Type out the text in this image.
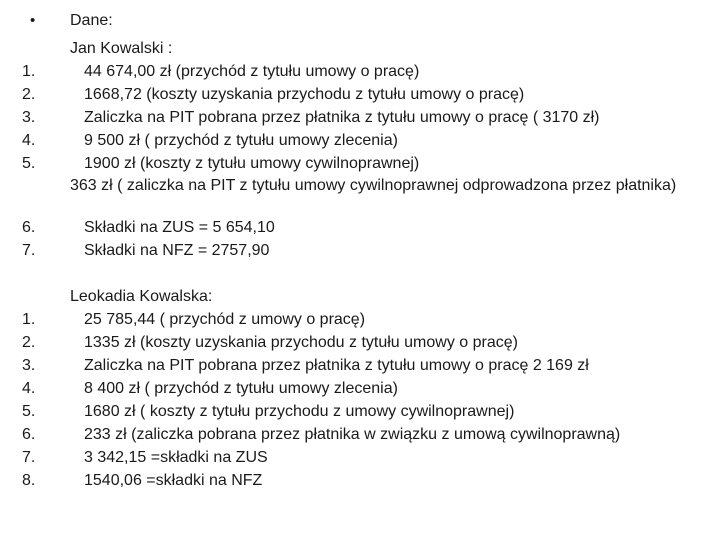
• Dane:
Jan Kowalski :
1.	44 674,00 zł (przychód z tytułu umowy o pracę)
2.	1668,72 (koszty uzyskania przychodu z tytułu umowy o pracę)
3.	Zaliczka na PIT pobrana przez płatnika z tytułu umowy o pracę ( 3170 zł)
4.	9 500 zł ( przychód z tytułu umowy zlecenia)
5.	1900 zł (koszty z tytułu umowy cywilnoprawnej)
363 zł ( zaliczka na PIT z tytułu umowy cywilnoprawnej odprowadzona przez płatnika)
6.	Składki na ZUS = 5 654,10
7.	Składki na NFZ = 2757,90
Leokadia Kowalska:
1.	25 785,44 ( przychód z umowy o pracę)
2.	1335 zł (koszty uzyskania przychodu z tytułu umowy o pracę)
3.	Zaliczka na PIT pobrana przez płatnika z tytułu umowy o pracę 2 169 zł
4.	8 400 zł ( przychód z tytułu umowy zlecenia)
5.	1680 zł ( koszty z tytułu przychodu z umowy cywilnoprawnej)
6.	233 zł (zaliczka pobrana przez płatnika w związku z umową cywilnoprawną)
7.	3 342,15 =składki na ZUS
8.	1540,06 =składki na NFZ
